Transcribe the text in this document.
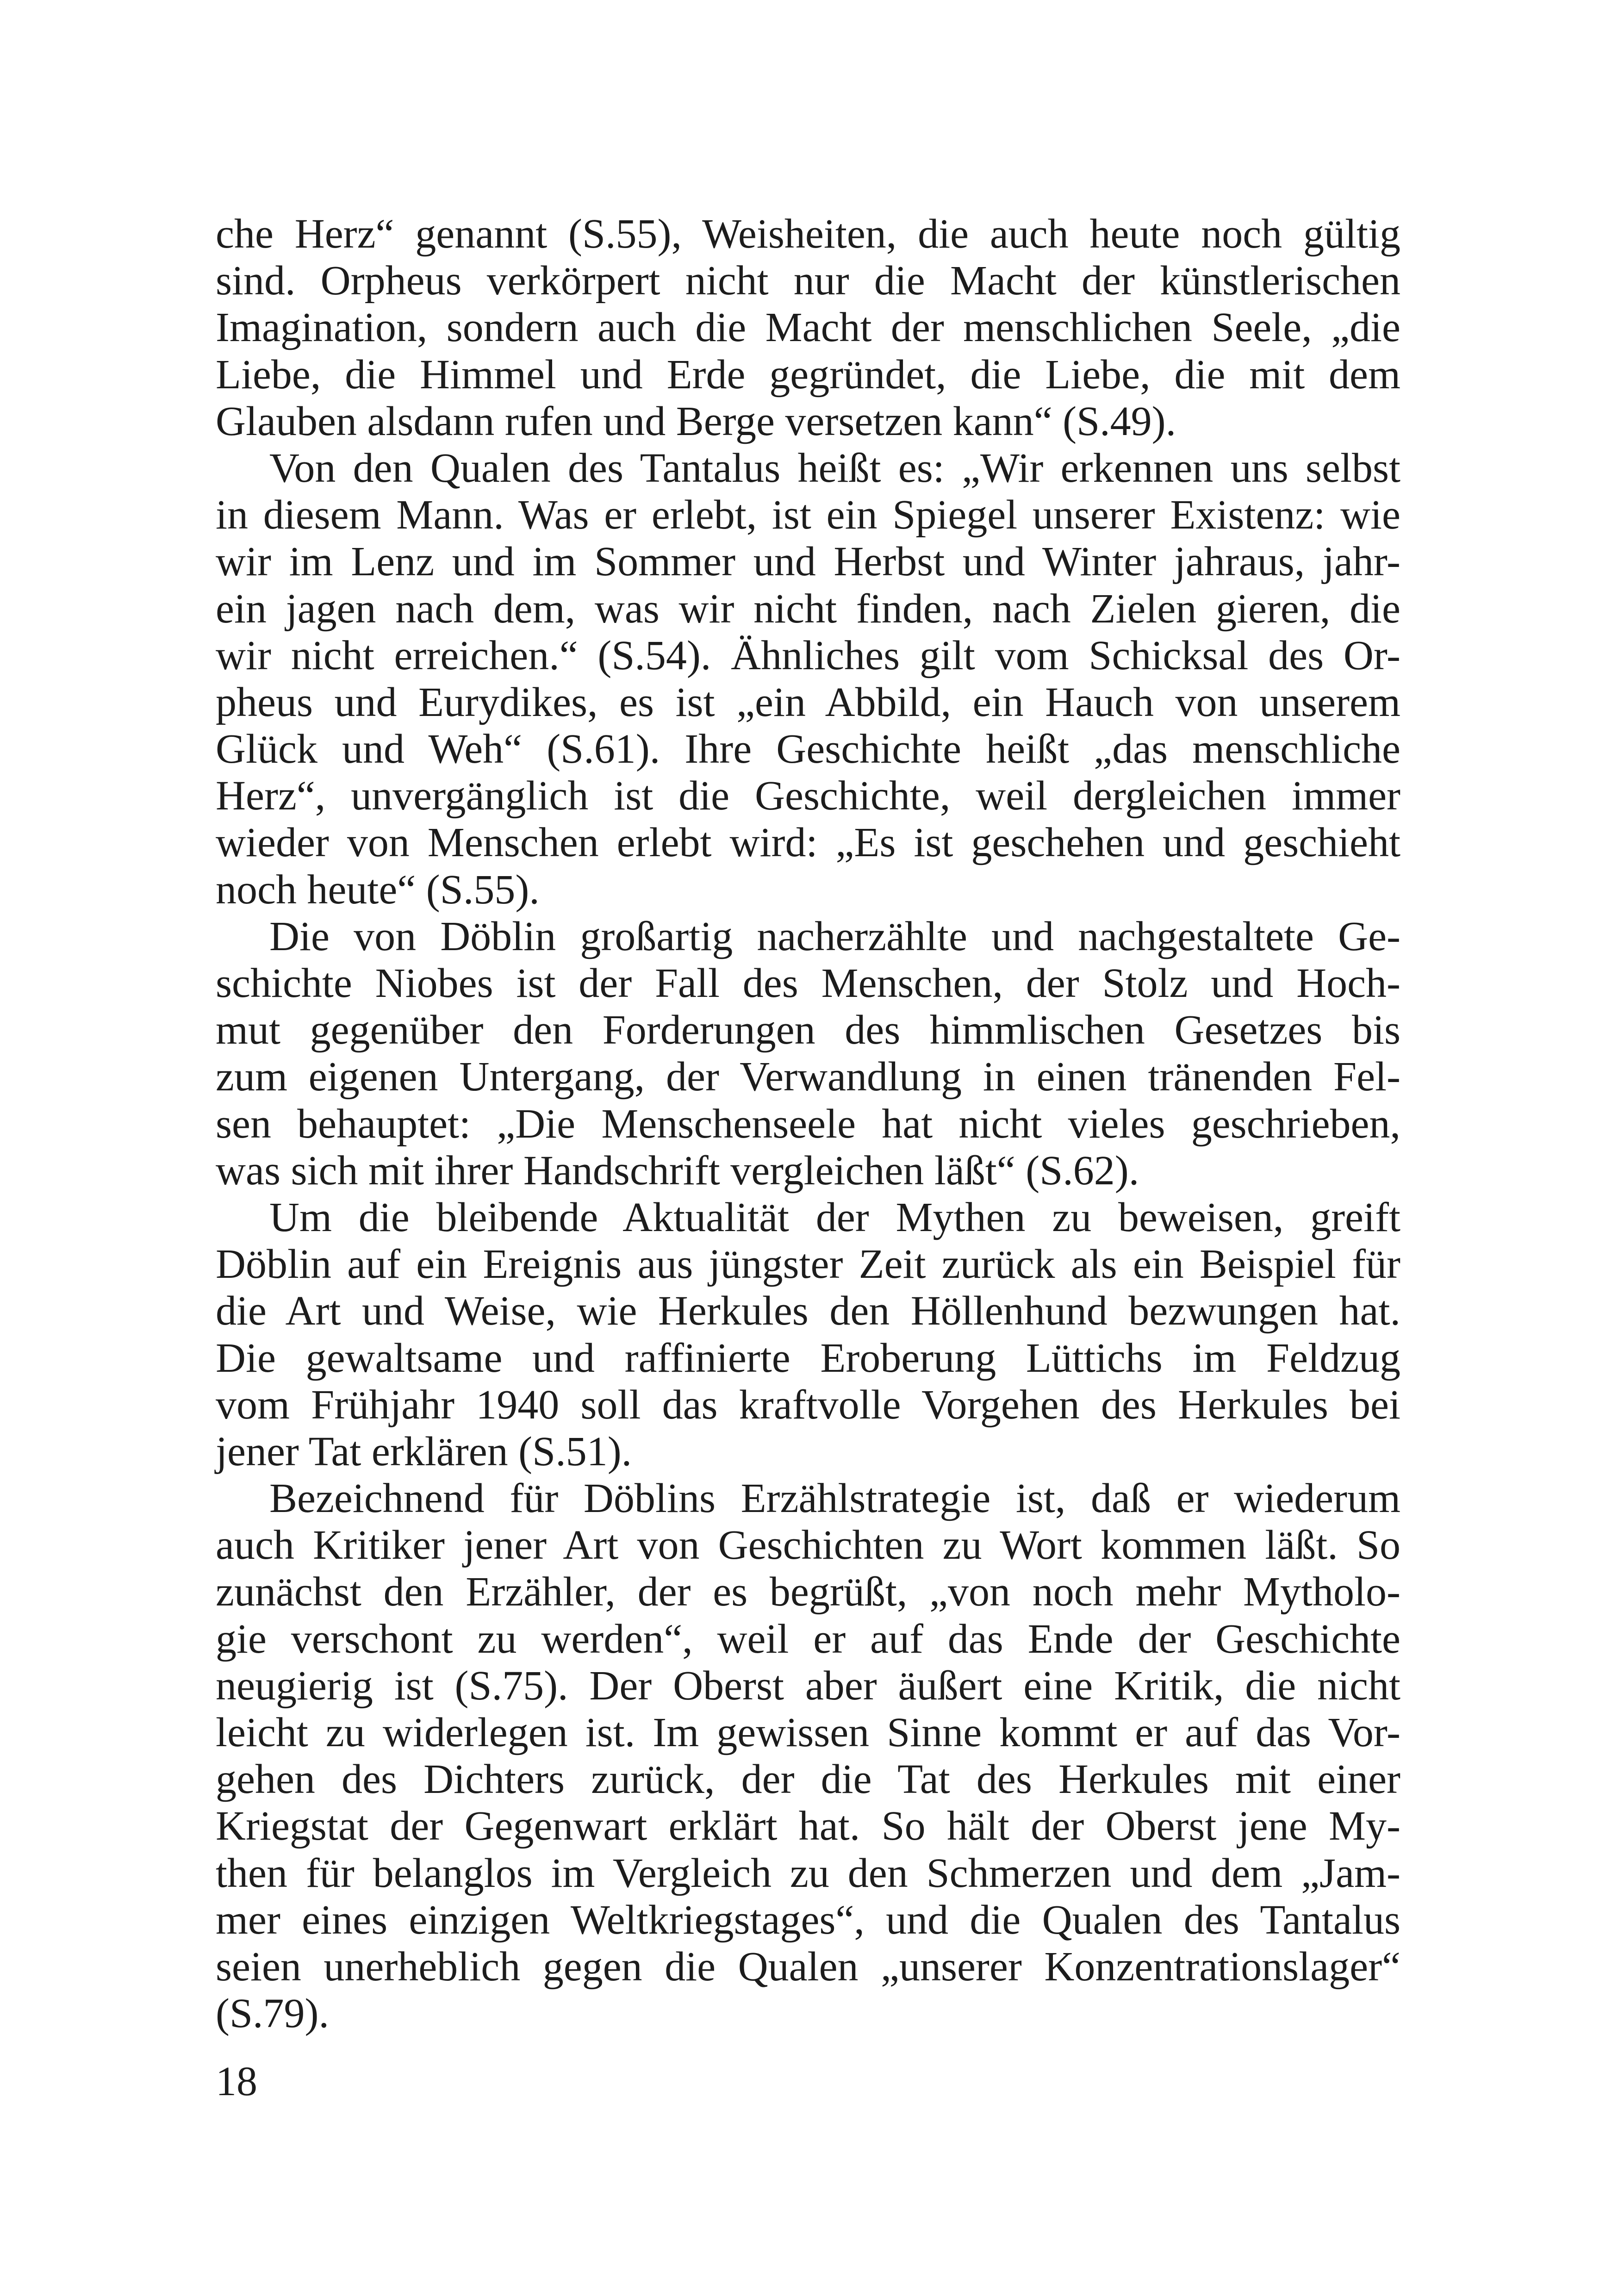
che Herz“ genannt (S.55), Weisheiten, die auch heute noch gültig
sind. Orpheus verkörpert nicht nur die Macht der künstlerischen
Imagination, sondern auch die Macht der menschlichen Seele, „die
Liebe, die Himmel und Erde gegründet, die Liebe, die mit dem
Glauben alsdann rufen und Berge versetzen kann“ (S.49).
Von den Qualen des Tantalus heißt es: „Wir erkennen uns selbst
in diesem Mann. Was er erlebt, ist ein Spiegel unserer Existenz: wie
wir im Lenz und im Sommer und Herbst und Winter jahraus, jahr-
ein jagen nach dem, was wir nicht finden, nach Zielen gieren, die
wir nicht erreichen.“ (S.54). Ähnliches gilt vom Schicksal des Or-
pheus und Eurydikes, es ist „ein Abbild, ein Hauch von unserem
Glück und Weh“ (S.61). Ihre Geschichte heißt „das menschliche
Herz“, unvergänglich ist die Geschichte, weil dergleichen immer
wieder von Menschen erlebt wird: „Es ist geschehen und geschieht
noch heute“ (S.55).
Die von Döblin großartig nacherzählte und nachgestaltete Ge-
schichte Niobes ist der Fall des Menschen, der Stolz und Hoch-
mut gegenüber den Forderungen des himmlischen Gesetzes bis
zum eigenen Untergang, der Verwandlung in einen tränenden Fel-
sen behauptet: „Die Menschenseele hat nicht vieles geschrieben,
was sich mit ihrer Handschrift vergleichen läßt“ (S.62).
Um die bleibende Aktualität der Mythen zu beweisen, greift
Döblin auf ein Ereignis aus jüngster Zeit zurück als ein Beispiel für
die Art und Weise, wie Herkules den Höllenhund bezwungen hat.
Die gewaltsame und raffinierte Eroberung Lüttichs im Feldzug
vom Frühjahr 1940 soll das kraftvolle Vorgehen des Herkules bei
jener Tat erklären (S.51).
Bezeichnend für Döblins Erzählstrategie ist, daß er wiederum
auch Kritiker jener Art von Geschichten zu Wort kommen läßt. So
zunächst den Erzähler, der es begrüßt, „von noch mehr Mytholo-
gie verschont zu werden“, weil er auf das Ende der Geschichte
neugierig ist (S.75). Der Oberst aber äußert eine Kritik, die nicht
leicht zu widerlegen ist. Im gewissen Sinne kommt er auf das Vor-
gehen des Dichters zurück, der die Tat des Herkules mit einer
Kriegstat der Gegenwart erklärt hat. So hält der Oberst jene My-
then für belanglos im Vergleich zu den Schmerzen und dem „Jam-
mer eines einzigen Weltkriegstages“, und die Qualen des Tantalus
seien unerheblich gegen die Qualen „unserer Konzentrationslager“
(S.79).
18
